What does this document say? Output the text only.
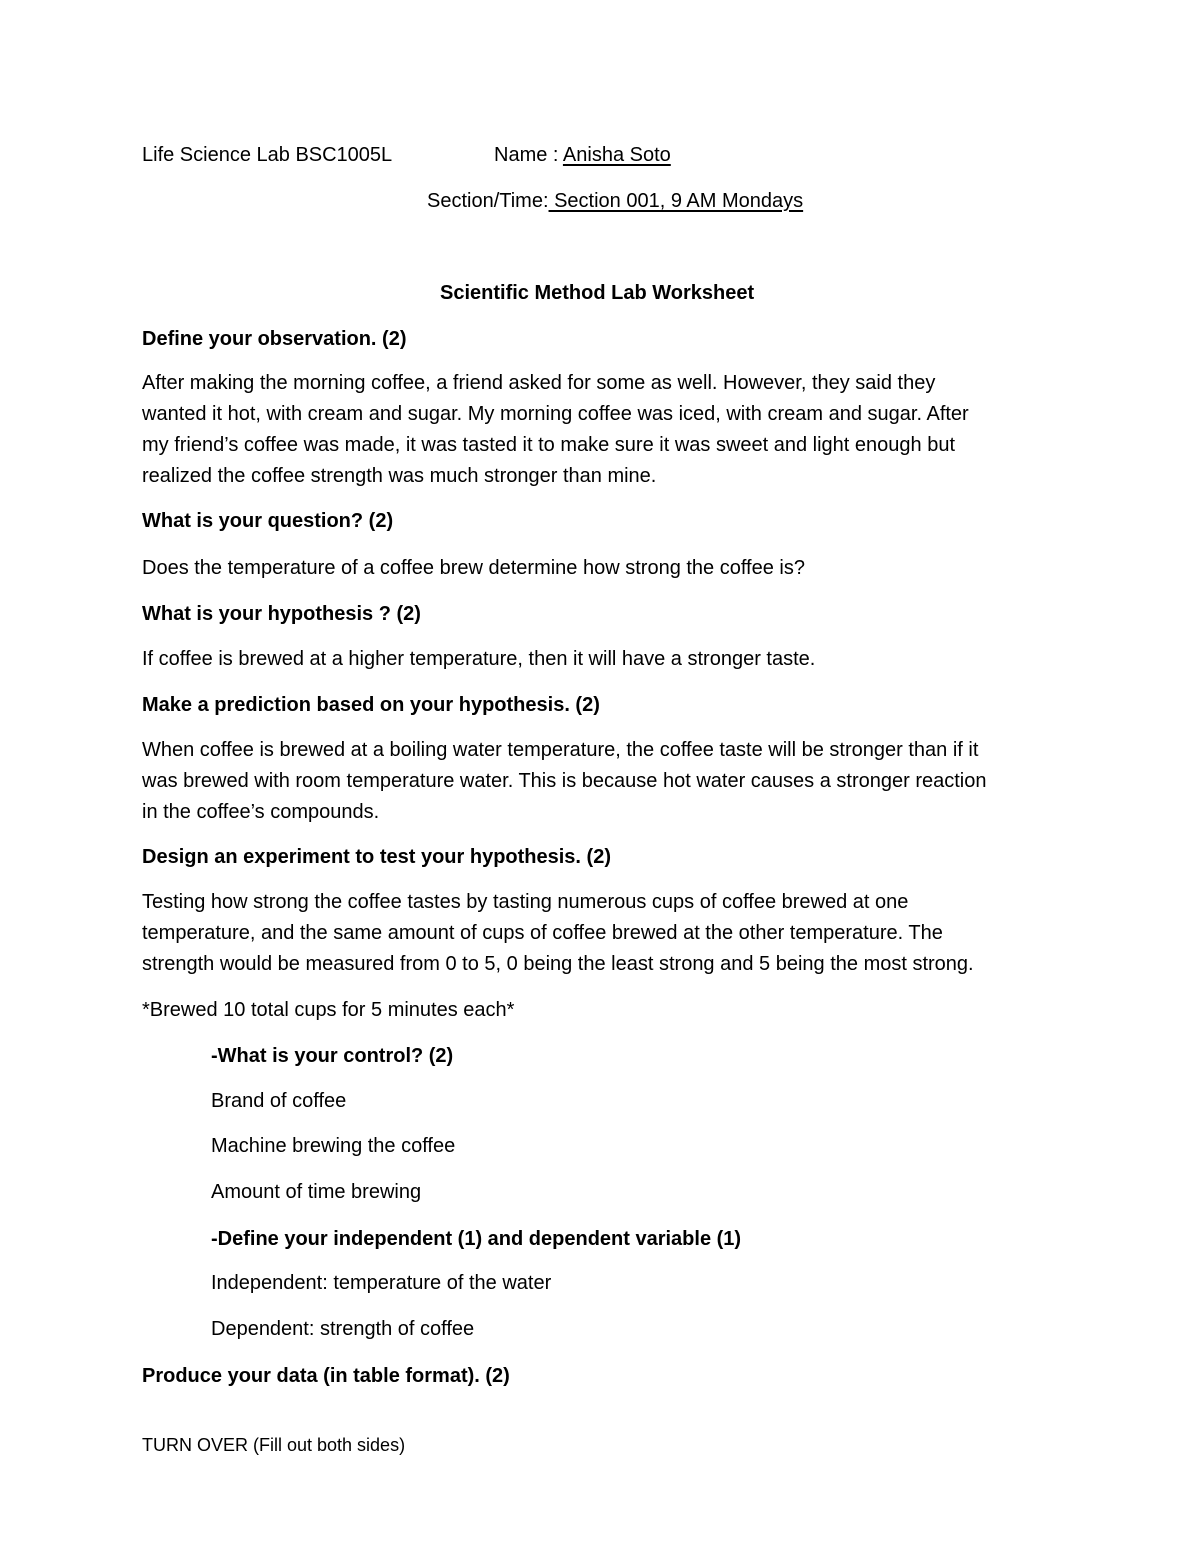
Life Science Lab BSC1005L	Name : Anisha Soto
Section/Time: Section 001, 9 AM Mondays
Scientific Method Lab Worksheet
Define your observation. (2)
After making the morning coffee, a friend asked for some as well. However, they said they
wanted it hot, with cream and sugar. My morning coffee was iced, with cream and sugar. After
my friend’s coffee was made, it was tasted it to make sure it was sweet and light enough but
realized the coffee strength was much stronger than mine.
What is your question? (2)
Does the temperature of a coffee brew determine how strong the coffee is?
What is your hypothesis ? (2)
If coffee is brewed at a higher temperature, then it will have a stronger taste.
Make a prediction based on your hypothesis. (2)
When coffee is brewed at a boiling water temperature, the coffee taste will be stronger than if it
was brewed with room temperature water. This is because hot water causes a stronger reaction
in the coffee’s compounds.
Design an experiment to test your hypothesis. (2)
Testing how strong the coffee tastes by tasting numerous cups of coffee brewed at one
temperature, and the same amount of cups of coffee brewed at the other temperature. The
strength would be measured from 0 to 5, 0 being the least strong and 5 being the most strong.
*Brewed 10 total cups for 5 minutes each*
-What is your control? (2)
Brand of coffee
Machine brewing the coffee
Amount of time brewing
-Define your independent (1) and dependent variable (1)
Independent: temperature of the water
Dependent: strength of coffee
Produce your data (in table format). (2)
TURN OVER (Fill out both sides)
